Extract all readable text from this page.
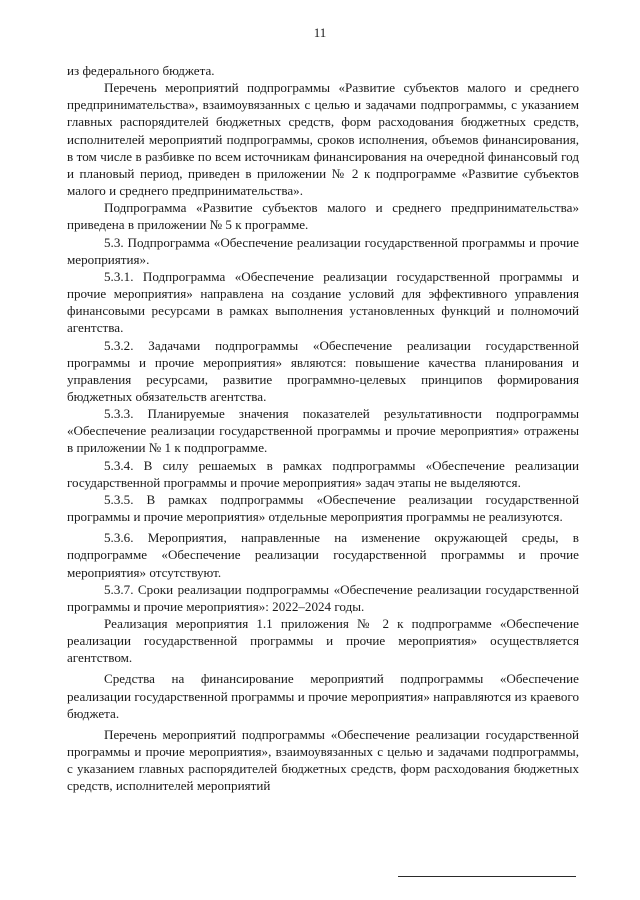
11

из федерального бюджета.

Перечень мероприятий подпрограммы «Развитие субъектов малого и среднего предпринимательства», взаимоувязанных с целью и задачами подпрограммы, с указанием главных распорядителей бюджетных средств, форм расходования бюджетных средств, исполнителей мероприятий подпрограммы, сроков исполнения, объемов финансирования, в том числе в разбивке по всем источникам финансирования на очередной финансовый год и плановый период, приведен в приложении № 2 к подпрограмме «Развитие субъектов малого и среднего предпринимательства».

Подпрограмма «Развитие субъектов малого и среднего предпринимательства» приведена в приложении № 5 к программе.

5.3. Подпрограмма «Обеспечение реализации государственной программы и прочие мероприятия».

5.3.1. Подпрограмма «Обеспечение реализации государственной программы и прочие мероприятия» направлена на создание условий для эффективного управления финансовыми ресурсами в рамках выполнения установленных функций и полномочий агентства.

5.3.2. Задачами подпрограммы «Обеспечение реализации государственной программы и прочие мероприятия» являются: повышение качества планирования и управления ресурсами, развитие программно-целевых принципов формирования бюджетных обязательств агентства.

5.3.3. Планируемые значения показателей результативности подпрограммы «Обеспечение реализации государственной программы и прочие мероприятия» отражены в приложении № 1 к подпрограмме.

5.3.4. В силу решаемых в рамках подпрограммы «Обеспечение реализации государственной программы и прочие мероприятия» задач этапы не выделяются.

5.3.5. В рамках подпрограммы «Обеспечение реализации государственной программы и прочие мероприятия» отдельные мероприятия программы не реализуются.

5.3.6. Мероприятия, направленные на изменение окружающей среды, в подпрограмме «Обеспечение реализации государственной программы и прочие мероприятия» отсутствуют.

5.3.7. Сроки реализации подпрограммы «Обеспечение реализации государственной программы и прочие мероприятия»: 2022–2024 годы.

Реализация мероприятия 1.1 приложения № 2 к подпрограмме «Обеспечение реализации государственной программы и прочие мероприятия» осуществляется агентством.

Средства на финансирование мероприятий подпрограммы «Обеспечение реализации государственной программы и прочие мероприятия» направляются из краевого бюджета.

Перечень мероприятий подпрограммы «Обеспечение реализации государственной программы и прочие мероприятия», взаимоувязанных с целью и задачами подпрограммы, с указанием главных распорядителей бюджетных средств, форм расходования бюджетных средств, исполнителей мероприятий
